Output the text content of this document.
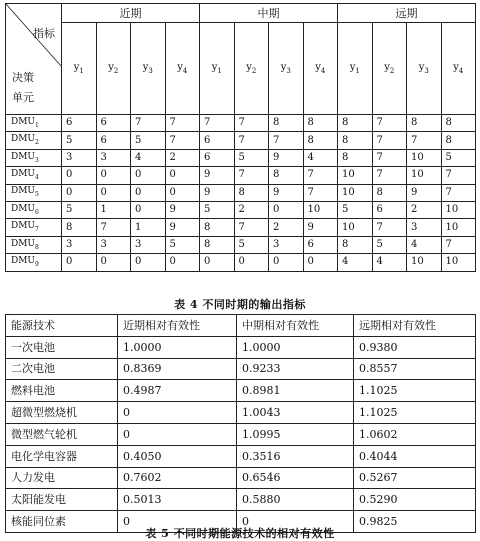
指标
决策
单元	近期				中期				远期			
	$y_1$	$y_2$	$y_3$	$y_4$	$y_1$	$y_2$	$y_3$	$y_4$	$y_1$	$y_2$	$y_3$	$y_4$
$DMU_1$	6	6	7	7	7	7	8	8	8	7	8	8
$DMU_2$	5	6	5	7	6	7	7	8	8	7	7	8
$DMU_3$	3	3	4	2	6	5	9	4	8	7	10	5
$DMU_4$	0	0	0	0	9	7	8	7	10	7	10	7
$DMU_5$	0	0	0	0	9	8	9	7	10	8	9	7
$DMU_6$	5	1	0	9	5	2	0	10	5	6	2	10
$DMU_7$	8	7	1	9	8	7	2	9	10	7	3	10
$DMU_8$	3	3	3	5	8	5	3	6	8	5	4	7
$DMU_9$	0	0	0	0	0	0	0	0	4	4	10	10
表 4 不同时期的输出指标
能源技术	近期相对有效性	中期相对有效性	远期相对有效性
一次电池	1.0000	1.0000	0.9380
二次电池	0.8369	0.9233	0.8557
燃料电池	0.4987	0.8981	1.1025
超微型燃烧机	0	1.0043	1.1025
微型燃气轮机	0	1.0995	1.0602
电化学电容器	0.4050	0.3516	0.4044
人力发电	0.7602	0.6546	0.5267
太阳能发电	0.5013	0.5880	0.5290
核能同位素	0	0	0.9825
表 5 不同时期能源技术的相对有效性
